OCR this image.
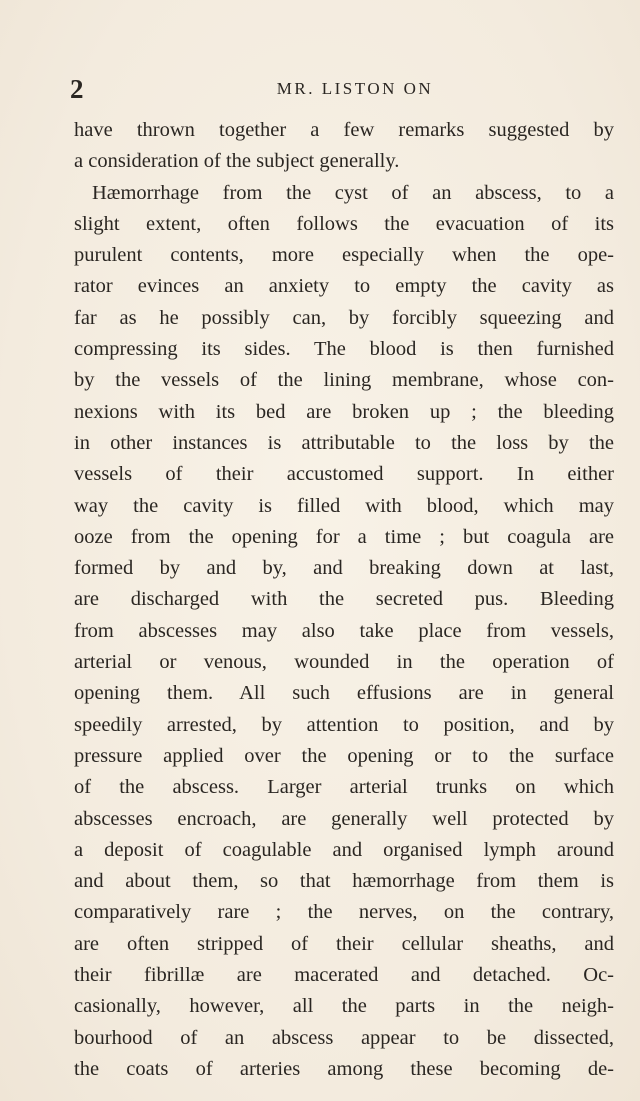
2	MR. LISTON ON
have thrown together a few remarks suggested by
a consideration of the subject generally.
Hæmorrhage from the cyst of an abscess, to a
slight extent, often follows the evacuation of its
purulent contents, more especially when the ope-
rator evinces an anxiety to empty the cavity as
far as he possibly can, by forcibly squeezing and
compressing its sides. The blood is then furnished
by the vessels of the lining membrane, whose con-
nexions with its bed are broken up ; the bleeding
in other instances is attributable to the loss by the
vessels of their accustomed support. In either
way the cavity is filled with blood, which may
ooze from the opening for a time ; but coagula are
formed by and by, and breaking down at last,
are discharged with the secreted pus. Bleeding
from abscesses may also take place from vessels,
arterial or venous, wounded in the operation of
opening them. All such effusions are in general
speedily arrested, by attention to position, and by
pressure applied over the opening or to the surface
of the abscess. Larger arterial trunks on which
abscesses encroach, are generally well protected by
a deposit of coagulable and organised lymph around
and about them, so that hæmorrhage from them is
comparatively rare ; the nerves, on the contrary,
are often stripped of their cellular sheaths, and
their fibrillæ are macerated and detached. Oc-
casionally, however, all the parts in the neigh-
bourhood of an abscess appear to be dissected,
the coats of arteries among these becoming de-
